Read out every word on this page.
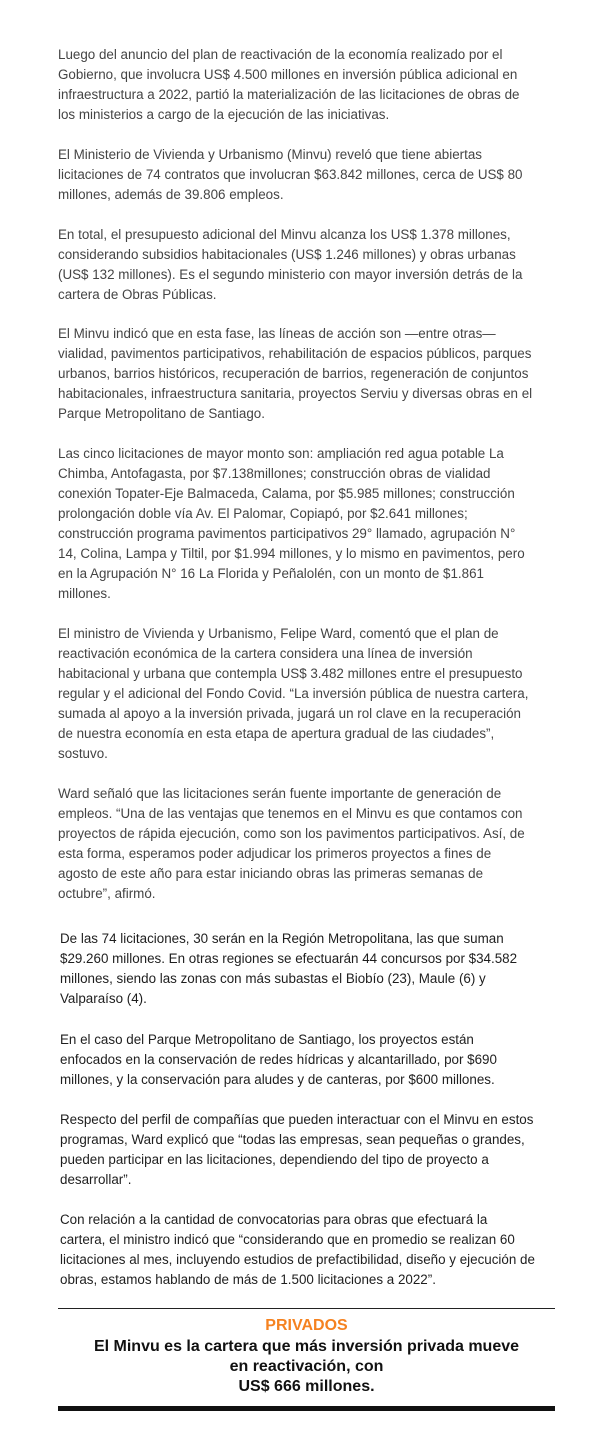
Luego del anuncio del plan de reactivación de la economía realizado por el
Gobierno, que involucra US$ 4.500 millones en inversión pública adicional en
infraestructura a 2022, partió la materialización de las licitaciones de obras de
los ministerios a cargo de la ejecución de las iniciativas.

El Ministerio de Vivienda y Urbanismo (Minvu) reveló que tiene abiertas
licitaciones de 74 contratos que involucran $63.842 millones, cerca de US$ 80
millones, además de 39.806 empleos.

En total, el presupuesto adicional del Minvu alcanza los US$ 1.378 millones,
considerando subsidios habitacionales (US$ 1.246 millones) y obras urbanas
(US$ 132 millones). Es el segundo ministerio con mayor inversión detrás de la
cartera de Obras Públicas.

El Minvu indicó que en esta fase, las líneas de acción son —entre otras—
vialidad, pavimentos participativos, rehabilitación de espacios públicos, parques
urbanos, barrios históricos, recuperación de barrios, regeneración de conjuntos
habitacionales, infraestructura sanitaria, proyectos Serviu y diversas obras en el
Parque Metropolitano de Santiago.

Las cinco licitaciones de mayor monto son: ampliación red agua potable La
Chimba, Antofagasta, por $7.138millones; construcción obras de vialidad
conexión Topater-Eje Balmaceda, Calama, por $5.985 millones; construcción
prolongación doble vía Av. El Palomar, Copiapó, por $2.641 millones;
construcción programa pavimentos participativos 29° llamado, agrupación N°
14, Colina, Lampa y Tiltil, por $1.994 millones, y lo mismo en pavimentos, pero
en la Agrupación N° 16 La Florida y Peñalolén, con un monto de $1.861
millones.

El ministro de Vivienda y Urbanismo, Felipe Ward, comentó que el plan de
reactivación económica de la cartera considera una línea de inversión
habitacional y urbana que contempla US$ 3.482 millones entre el presupuesto
regular y el adicional del Fondo Covid. “La inversión pública de nuestra cartera,
sumada al apoyo a la inversión privada, jugará un rol clave en la recuperación
de nuestra economía en esta etapa de apertura gradual de las ciudades”,
sostuvo.

Ward señaló que las licitaciones serán fuente importante de generación de
empleos. “Una de las ventajas que tenemos en el Minvu es que contamos con
proyectos de rápida ejecución, como son los pavimentos participativos. Así, de
esta forma, esperamos poder adjudicar los primeros proyectos a fines de
agosto de este año para estar iniciando obras las primeras semanas de
octubre”, afirmó.

De las 74 licitaciones, 30 serán en la Región Metropolitana, las que suman
$29.260 millones. En otras regiones se efectuarán 44 concursos por $34.582
millones, siendo las zonas con más subastas el Biobío (23), Maule (6) y
Valparaíso (4).

En el caso del Parque Metropolitano de Santiago, los proyectos están
enfocados en la conservación de redes hídricas y alcantarillado, por $690
millones, y la conservación para aludes y de canteras, por $600 millones.

Respecto del perfil de compañías que pueden interactuar con el Minvu en estos
programas, Ward explicó que “todas las empresas, sean pequeñas o grandes,
pueden participar en las licitaciones, dependiendo del tipo de proyecto a
desarrollar”.

Con relación a la cantidad de convocatorias para obras que efectuará la
cartera, el ministro indicó que “considerando que en promedio se realizan 60
licitaciones al mes, incluyendo estudios de prefactibilidad, diseño y ejecución de
obras, estamos hablando de más de 1.500 licitaciones a 2022”.

PRIVADOS
El Minvu es la cartera que más inversión privada mueve
en reactivación, con
US$ 666 millones.
